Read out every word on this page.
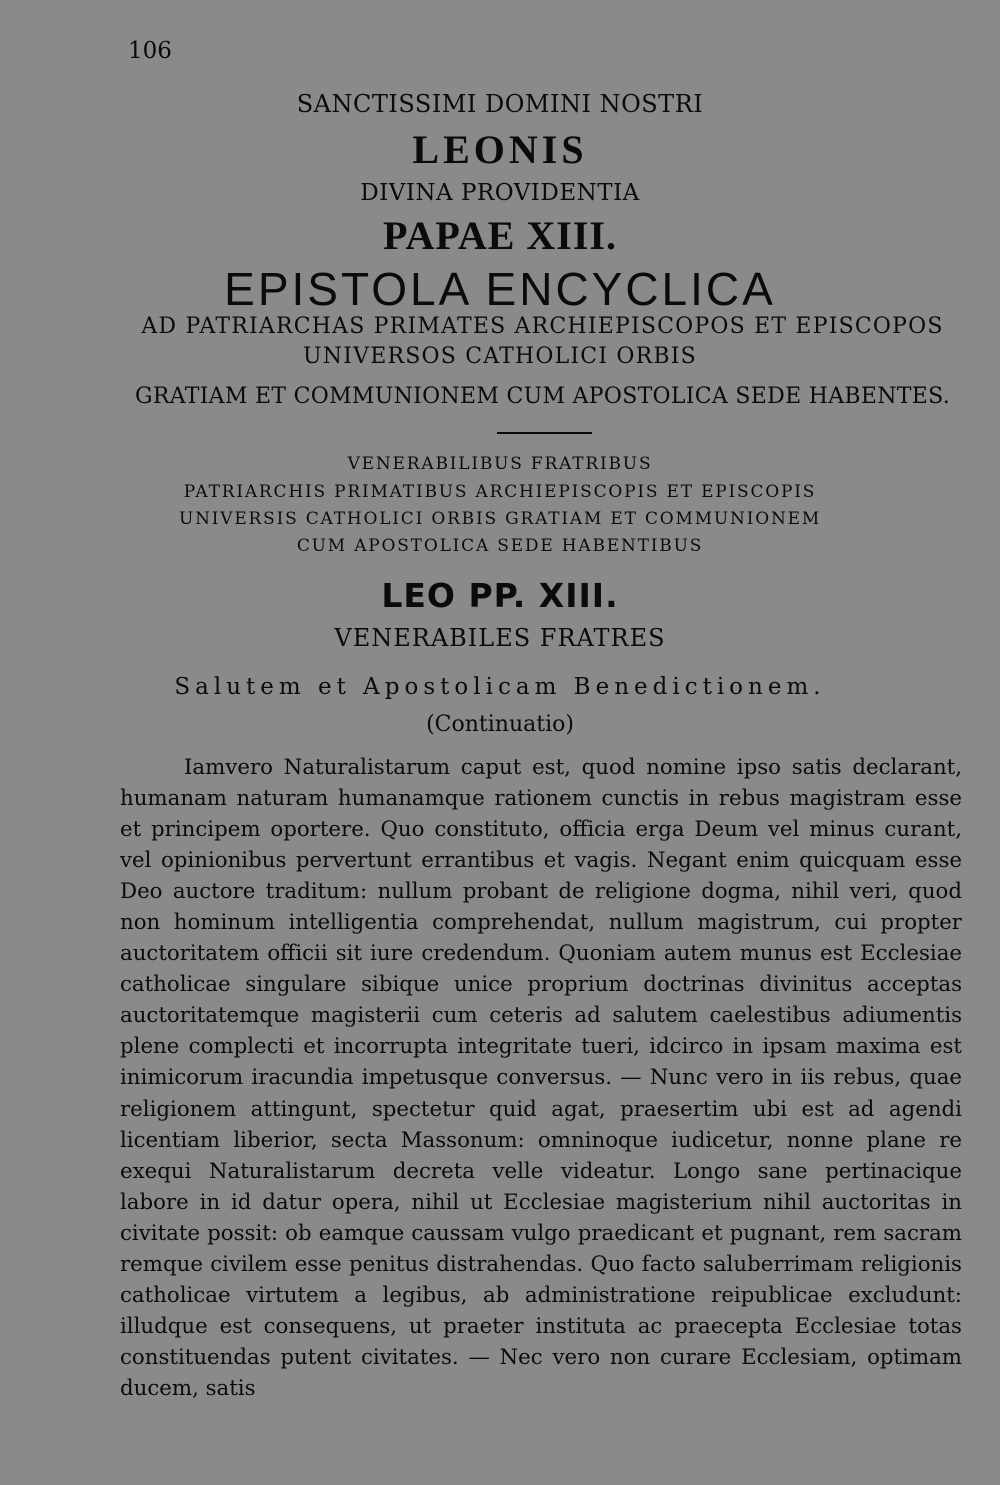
106
SANCTISSIMI DOMINI NOSTRI
LEONIS
DIVINA PROVIDENTIA
PAPAE XIII.
EPISTOLA ENCYCLICA
AD PATRIARCHAS PRIMATES ARCHIEPISCOPOS ET EPISCOPOS
UNIVERSOS CATHOLICI ORBIS
GRATIAM ET COMMUNIONEM CUM APOSTOLICA SEDE HABENTES.
VENERABILIBUS FRATRIBUS
PATRIARCHIS PRIMATIBUS ARCHIEPISCOPIS ET EPISCOPIS
UNIVERSIS CATHOLICI ORBIS GRATIAM ET COMMUNIONEM
CUM APOSTOLICA SEDE HABENTIBUS
LEO PP. XIII.
VENERABILES FRATRES
Salutem et Apostolicam Benedictionem.
(Continuatio)

Iamvero Naturalistarum caput est, quod nomine ipso satis declarant, humanam naturam humanamque rationem cunctis in rebus magistram esse et principem oportere. Quo constituto, officia erga Deum vel minus curant, vel opinionibus pervertunt errantibus et vagis. Negant enim quicquam esse Deo auctore traditum: nullum probant de religione dogma, nihil veri, quod non hominum intelligentia comprehendat, nullum magistrum, cui propter auctoritatem officii sit iure credendum. Quoniam autem munus est Ecclesiae catholicae singulare sibique unice proprium doctrinas divinitus acceptas auctoritatemque magisterii cum ceteris ad salutem caelestibus adiumentis plene complecti et incorrupta integritate tueri, idcirco in ipsam maxima est inimicorum iracundia impetusque conversus. — Nunc vero in iis rebus, quae religionem attingunt, spectetur quid agat, praesertim ubi est ad agendi licentiam liberior, secta Massonum: omninoque iudicetur, nonne plane re exequi Naturalistarum decreta velle videatur. Longo sane pertinacique labore in id datur opera, nihil ut Ecclesiae magisterium nihil auctoritas in civitate possit: ob eamque caussam vulgo praedicant et pugnant, rem sacram remque civilem esse penitus distrahendas. Quo facto saluberrimam religionis catholicae virtutem a legibus, ab administratione reipublicae excludunt: illudque est consequens, ut praeter instituta ac praecepta Ecclesiae totas constituendas putent civitates. — Nec vero non curare Ecclesiam, optimam ducem, satis
